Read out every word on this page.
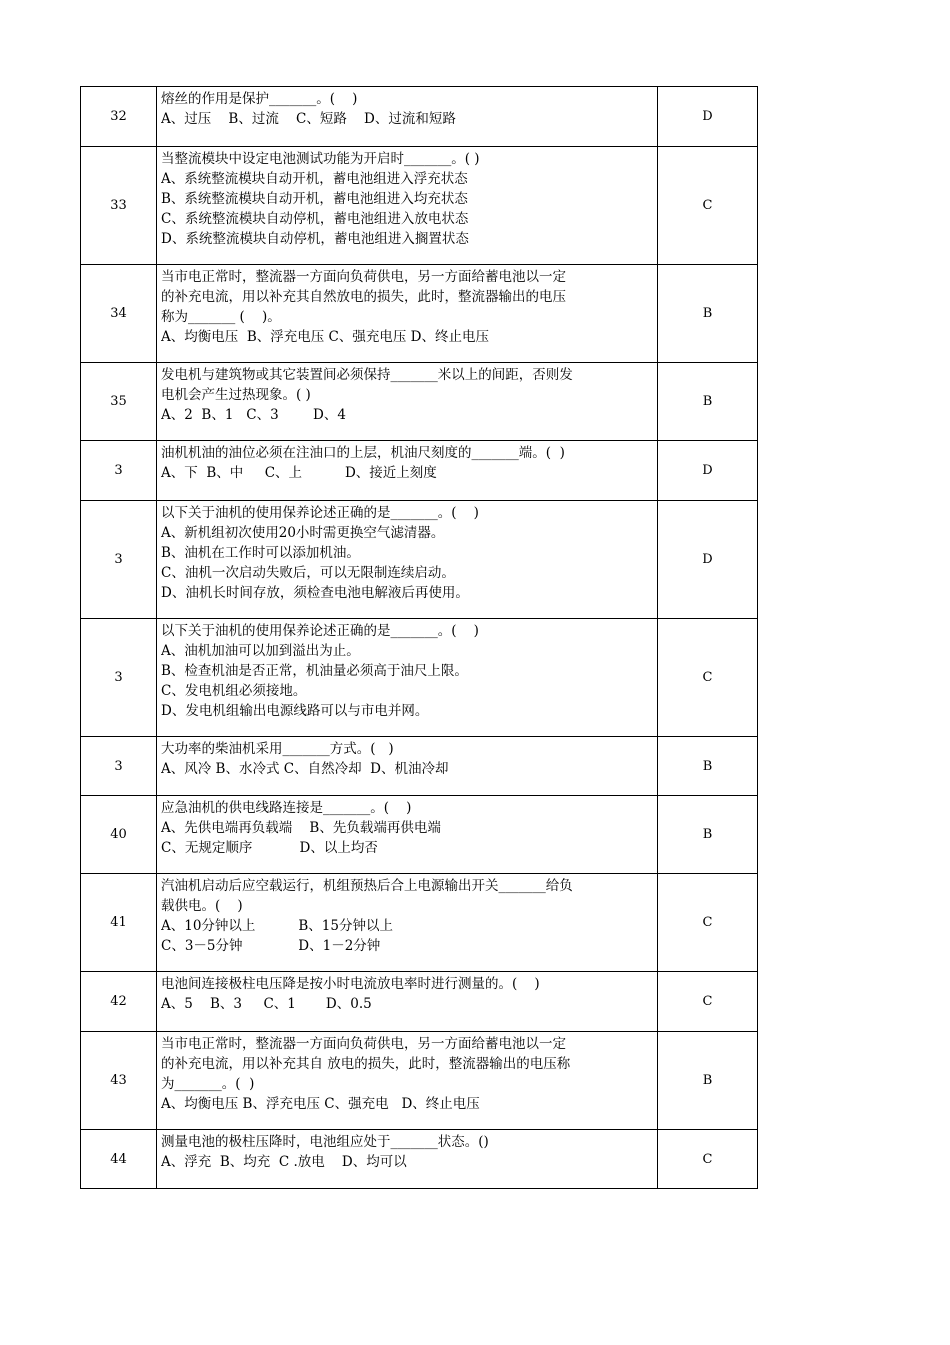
32	熔丝的作用是保护_______。(    )
A、过压    B、过流    C、短路    D、过流和短路	D
33	当整流模块中设定电池测试功能为开启时_______。( )
A、系统整流模块自动开机，蓄电池组进入浮充状态
B、系统整流模块自动开机，蓄电池组进入均充状态
C、系统整流模块自动停机，蓄电池组进入放电状态
D、系统整流模块自动停机，蓄电池组进入搁置状态	C
34	当市电正常时，整流器一方面向负荷供电，另一方面给蓄电池以一定
的补充电流，用以补充其自然放电的损失，此时，整流器输出的电压
称为_______ (    )。
A、均衡电压  B、浮充电压 C、强充电压 D、终止电压	B
35	发电机与建筑物或其它装置间必须保持_______米以上的间距，否则发
电机会产生过热现象。( )
A、2  B、1   C、3        D、4	B
3	油机机油的油位必须在注油口的上层，机油尺刻度的_______端。(  )
A、下  B、中     C、上          D、接近上刻度	D
3	以下关于油机的使用保养论述正确的是_______。(    )
A、新机组初次使用20小时需更换空气滤清器。
B、油机在工作时可以添加机油。
C、油机一次启动失败后，可以无限制连续启动。
D、油机长时间存放，须检查电池电解液后再使用。	D
3	以下关于油机的使用保养论述正确的是_______。(    )
A、油机加油可以加到溢出为止。
B、检查机油是否正常，机油量必须高于油尺上限。
C、发电机组必须接地。
D、发电机组输出电源线路可以与市电并网。	C
3	大功率的柴油机采用_______方式。(   )
A、风冷 B、水冷式 C、自然冷却  D、机油冷却	B
40	应急油机的供电线路连接是_______。(    )
A、先供电端再负载端    B、先负载端再供电端
C、无规定顺序           D、以上均否	B
41	汽油机启动后应空载运行，机组预热后合上电源输出开关_______给负
载供电。(    )
A、10分钟以上          B、15分钟以上
C、3－5分钟             D、1－2分钟	C
42	电池间连接极柱电压降是按小时电流放电率时进行测量的。(    )
A、5    B、3     C、1       D、0.5	C
43	当市电正常时，整流器一方面向负荷供电，另一方面给蓄电池以一定
的补充电流，用以补充其自 放电的损失，此时，整流器输出的电压称
为_______。(  )
A、均衡电压 B、浮充电压 C、强充电   D、终止电压	B
44	测量电池的极柱压降时，电池组应处于_______状态。()
A、浮充  B、均充  C .放电    D、均可以	C
